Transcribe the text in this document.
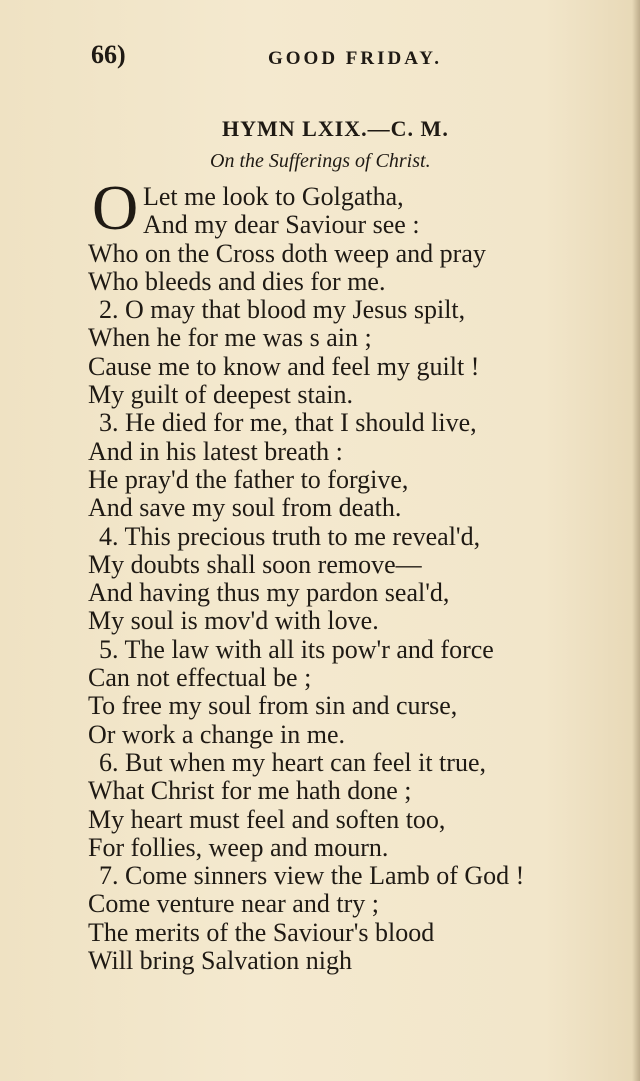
66)	GOOD FRIDAY.
HYMN LXIX.—C. M.
On the Sufferings of Christ.
O Let me look to Golgatha,
And my dear Saviour see :
Who on the Cross doth weep and pray
Who bleeds and dies for me.
2. O may that blood my Jesus spilt,
When he for me was s ain ;
Cause me to know and feel my guilt !
My guilt of deepest stain.
3. He died for me, that I should live,
And in his latest breath :
He pray'd the father to forgive,
And save my soul from death.
4. This precious truth to me reveal'd,
My doubts shall soon remove—
And having thus my pardon seal'd,
My soul is mov'd with love.
5. The law with all its pow'r and force
Can not effectual be ;
To free my soul from sin and curse,
Or work a change in me.
6. But when my heart can feel it true,
What Christ for me hath done ;
My heart must feel and soften too,
For follies, weep and mourn.
7. Come sinners view the Lamb of God !
Come venture near and try ;
The merits of the Saviour's blood
Will bring Salvation nigh
